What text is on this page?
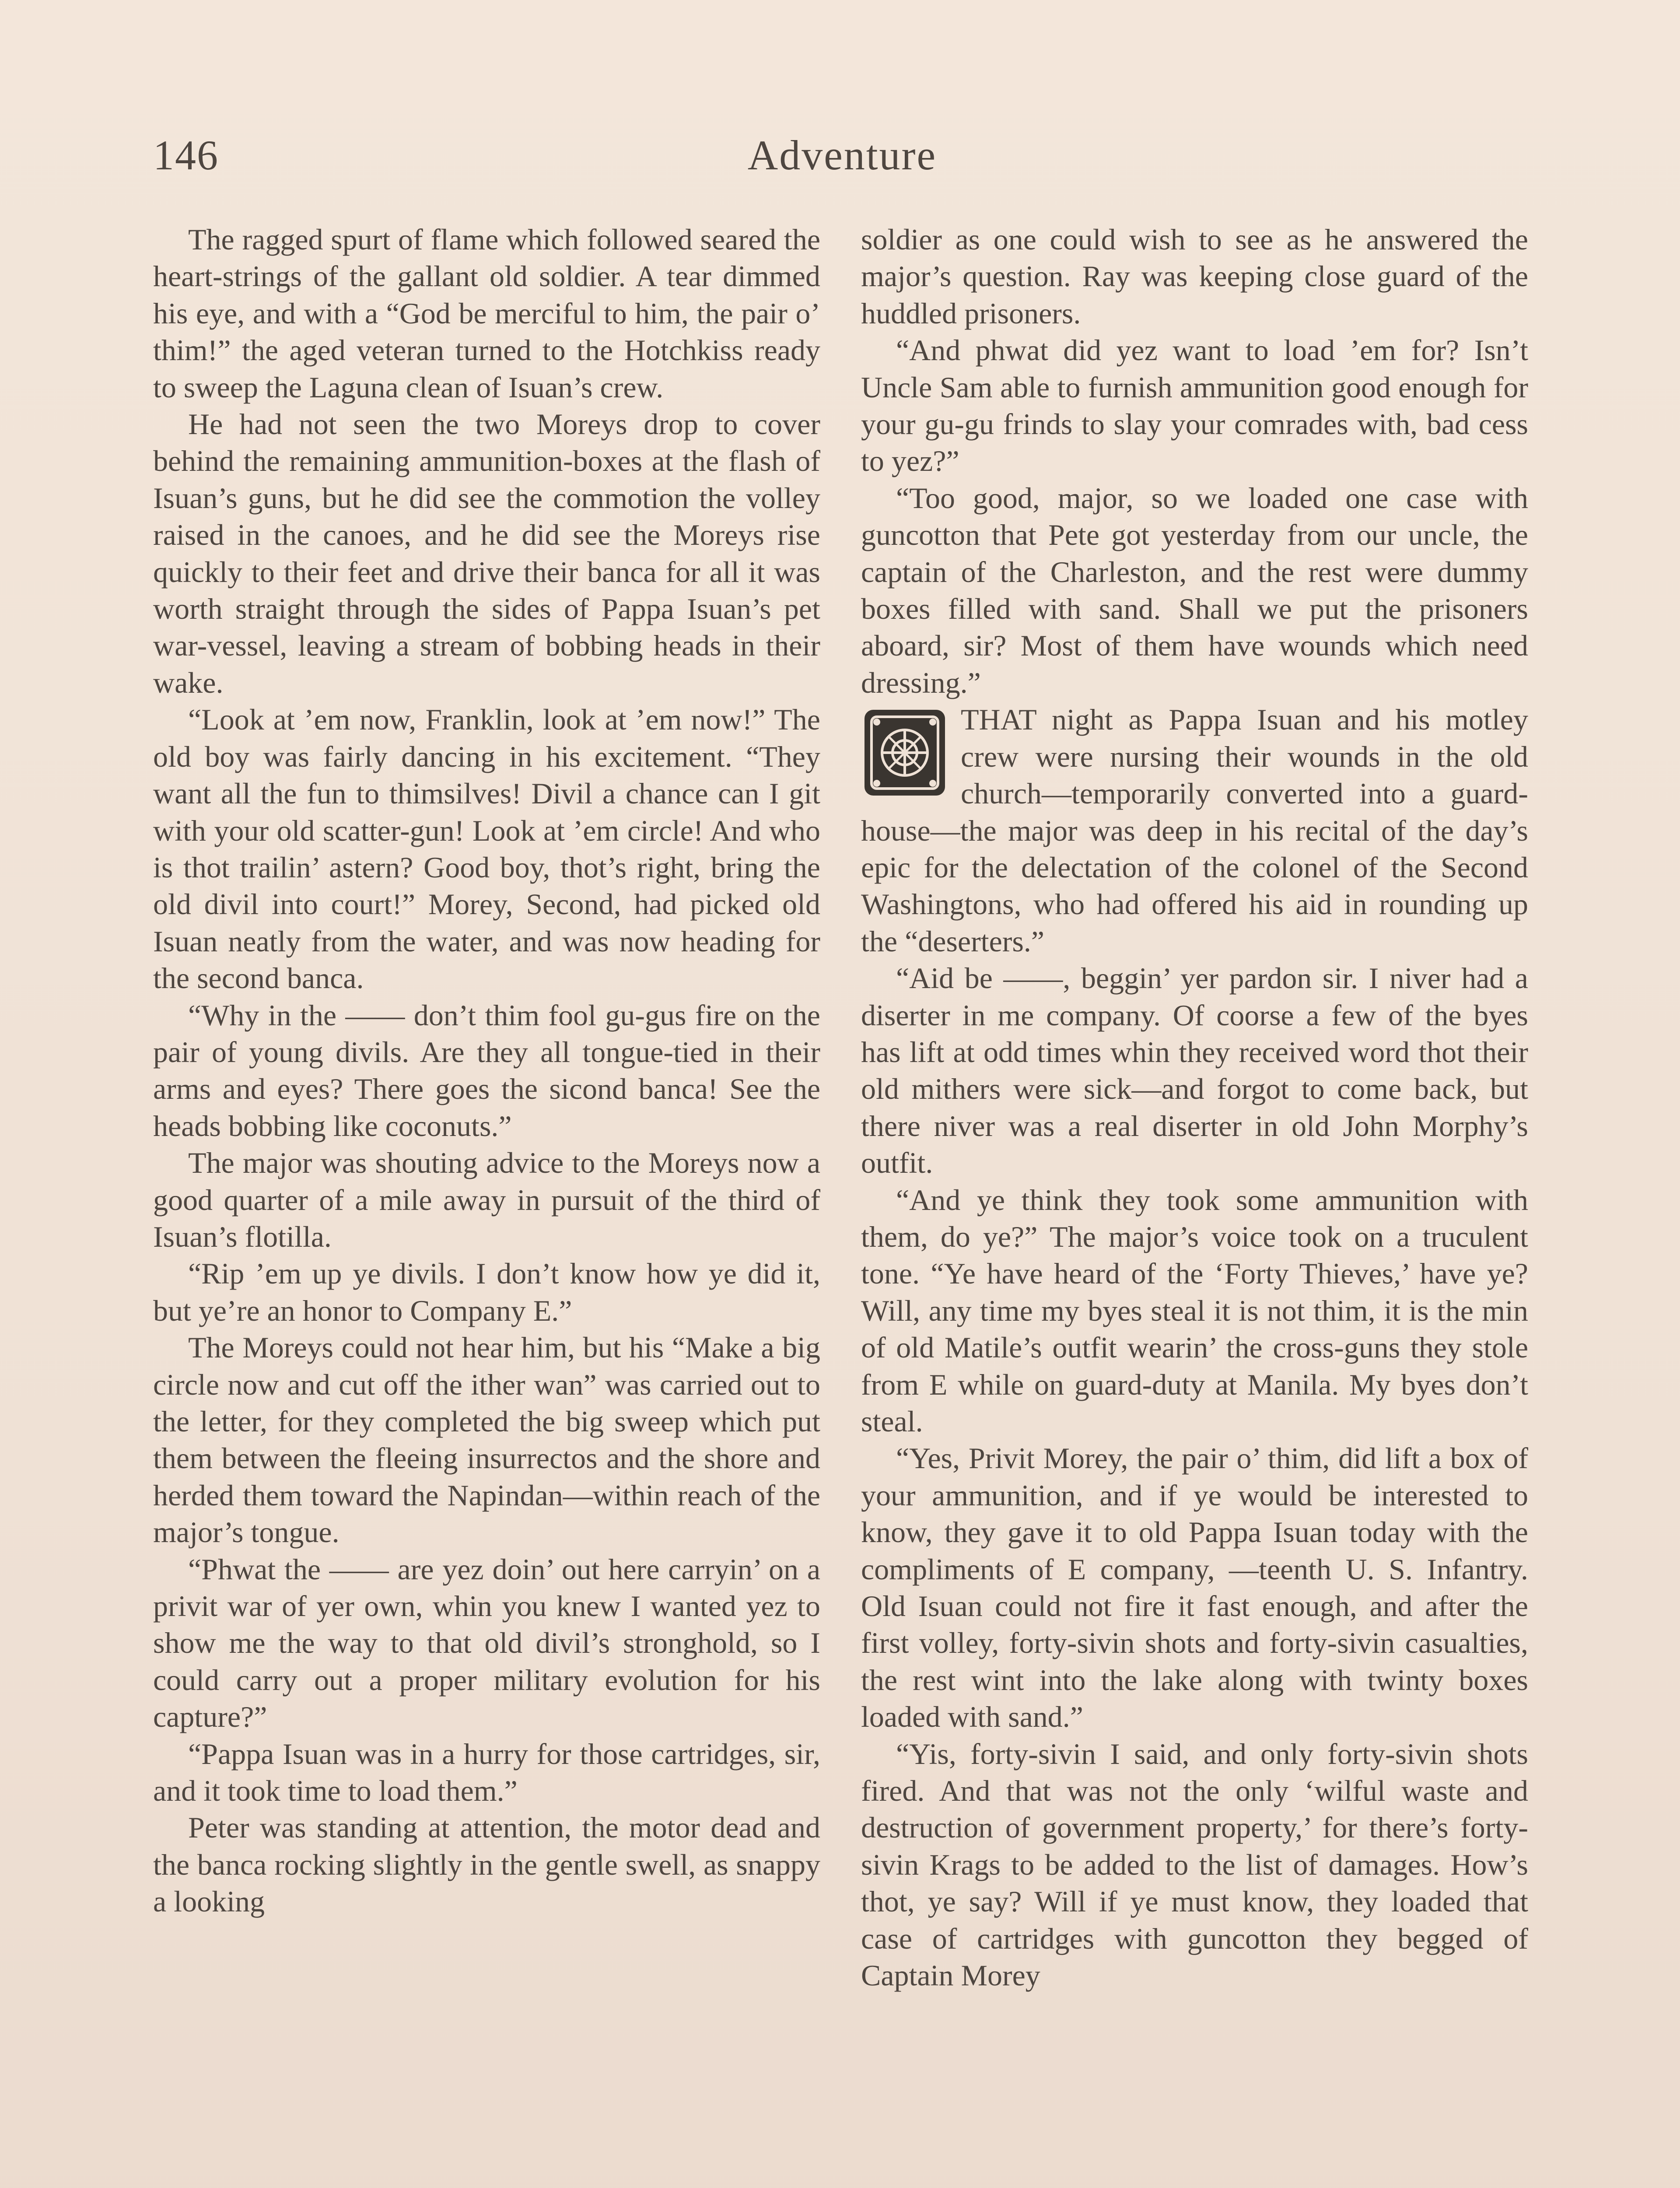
146	Adventure

The ragged spurt of flame which followed seared the heart-strings of the gallant old soldier. A tear dimmed his eye, and with a “God be merciful to him, the pair o’ thim!” the aged veteran turned to the Hotchkiss ready to sweep the Laguna clean of Isuan’s crew.

He had not seen the two Moreys drop to cover behind the remaining ammunition-boxes at the flash of Isuan’s guns, but he did see the commotion the volley raised in the canoes, and he did see the Moreys rise quickly to their feet and drive their banca for all it was worth straight through the sides of Pappa Isuan’s pet war-vessel, leaving a stream of bobbing heads in their wake.

“Look at ’em now, Franklin, look at ’em now!” The old boy was fairly dancing in his excitement. “They want all the fun to thimsilves! Divil a chance can I git with your old scatter-gun! Look at ’em circle! And who is thot trailin’ astern? Good boy, thot’s right, bring the old divil into court!” Morey, Second, had picked old Isuan neatly from the water, and was now heading for the second banca.

“Why in the —— don’t thim fool gu-gus fire on the pair of young divils. Are they all tongue-tied in their arms and eyes? There goes the sicond banca! See the heads bobbing like coconuts.”

The major was shouting advice to the Moreys now a good quarter of a mile away in pursuit of the third of Isuan’s flotilla.

“Rip ’em up ye divils. I don’t know how ye did it, but ye’re an honor to Company E.”

The Moreys could not hear him, but his “Make a big circle now and cut off the ither wan” was carried out to the letter, for they completed the big sweep which put them between the fleeing insurrectos and the shore and herded them toward the Napindan—within reach of the major’s tongue.

“Phwat the —— are yez doin’ out here carryin’ on a privit war of yer own, whin you knew I wanted yez to show me the way to that old divil’s stronghold, so I could carry out a proper military evolution for his capture?”

“Pappa Isuan was in a hurry for those cartridges, sir, and it took time to load them.”

Peter was standing at attention, the motor dead and the banca rocking slightly in the gentle swell, as snappy a looking

soldier as one could wish to see as he answered the major’s question. Ray was keeping close guard of the huddled prisoners.

“And phwat did yez want to load ’em for? Isn’t Uncle Sam able to furnish ammunition good enough for your gu-gu frinds to slay your comrades with, bad cess to yez?”

“Too good, major, so we loaded one case with guncotton that Pete got yesterday from our uncle, the captain of the Charleston, and the rest were dummy boxes filled with sand. Shall we put the prisoners aboard, sir? Most of them have wounds which need dressing.”

THAT night as Pappa Isuan and his motley crew were nursing their wounds in the old church—temporarily converted into a guard-house—the major was deep in his recital of the day’s epic for the delectation of the colonel of the Second Washingtons, who had offered his aid in rounding up the “deserters.”

“Aid be ——, beggin’ yer pardon sir. I niver had a diserter in me company. Of coorse a few of the byes has lift at odd times whin they received word thot their old mithers were sick—and forgot to come back, but there niver was a real diserter in old John Morphy’s outfit.

“And ye think they took some ammunition with them, do ye?” The major’s voice took on a truculent tone. “Ye have heard of the ‘Forty Thieves,’ have ye? Will, any time my byes steal it is not thim, it is the min of old Matile’s outfit wearin’ the cross-guns they stole from E while on guard-duty at Manila. My byes don’t steal.

“Yes, Privit Morey, the pair o’ thim, did lift a box of your ammunition, and if ye would be interested to know, they gave it to old Pappa Isuan today with the compliments of E company, —teenth U. S. Infantry. Old Isuan could not fire it fast enough, and after the first volley, forty-sivin shots and forty-sivin casualties, the rest wint into the lake along with twinty boxes loaded with sand.”

“Yis, forty-sivin I said, and only forty-sivin shots fired. And that was not the only ‘wilful waste and destruction of government property,’ for there’s forty-sivin Krags to be added to the list of damages. How’s thot, ye say? Will if ye must know, they loaded that case of cartridges with guncotton they begged of Captain Morey
